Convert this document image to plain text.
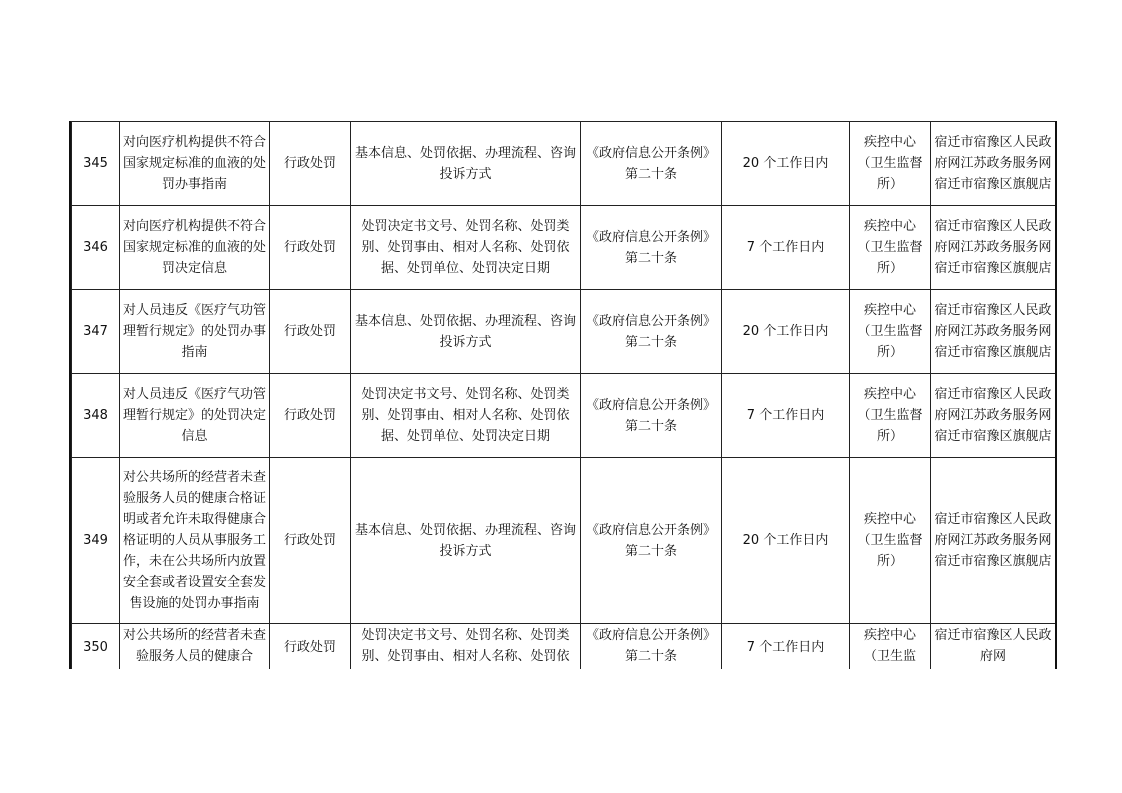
345	对向医疗机构提供不符合国家规定标准的血液的处罚办事指南	行政处罚	基本信息、处罚依据、办理流程、咨询投诉方式	《政府信息公开条例》第二十条	20 个工作日内	疾控中心（卫生监督所）	宿迁市宿豫区人民政府网江苏政务服务网宿迁市宿豫区旗舰店
346	对向医疗机构提供不符合国家规定标准的血液的处罚决定信息	行政处罚	处罚决定书文号、处罚名称、处罚类别、处罚事由、相对人名称、处罚依据、处罚单位、处罚决定日期	《政府信息公开条例》第二十条	7 个工作日内	疾控中心（卫生监督所）	宿迁市宿豫区人民政府网江苏政务服务网宿迁市宿豫区旗舰店
347	对人员违反《医疗气功管理暂行规定》的处罚办事指南	行政处罚	基本信息、处罚依据、办理流程、咨询投诉方式	《政府信息公开条例》第二十条	20 个工作日内	疾控中心（卫生监督所）	宿迁市宿豫区人民政府网江苏政务服务网宿迁市宿豫区旗舰店
348	对人员违反《医疗气功管理暂行规定》的处罚决定信息	行政处罚	处罚决定书文号、处罚名称、处罚类别、处罚事由、相对人名称、处罚依据、处罚单位、处罚决定日期	《政府信息公开条例》第二十条	7 个工作日内	疾控中心（卫生监督所）	宿迁市宿豫区人民政府网江苏政务服务网宿迁市宿豫区旗舰店
349	对公共场所的经营者未查验服务人员的健康合格证明或者允许未取得健康合格证明的人员从事服务工作，未在公共场所内放置安全套或者设置安全套发售设施的处罚办事指南	行政处罚	基本信息、处罚依据、办理流程、咨询投诉方式	《政府信息公开条例》第二十条	20 个工作日内	疾控中心（卫生监督所）	宿迁市宿豫区人民政府网江苏政务服务网宿迁市宿豫区旗舰店
350	对公共场所的经营者未查验服务人员的健康合	行政处罚	处罚决定书文号、处罚名称、处罚类别、处罚事由、相对人名称、处罚依	《政府信息公开条例》第二十条	7 个工作日内	疾控中心（卫生监	宿迁市宿豫区人民政府网
